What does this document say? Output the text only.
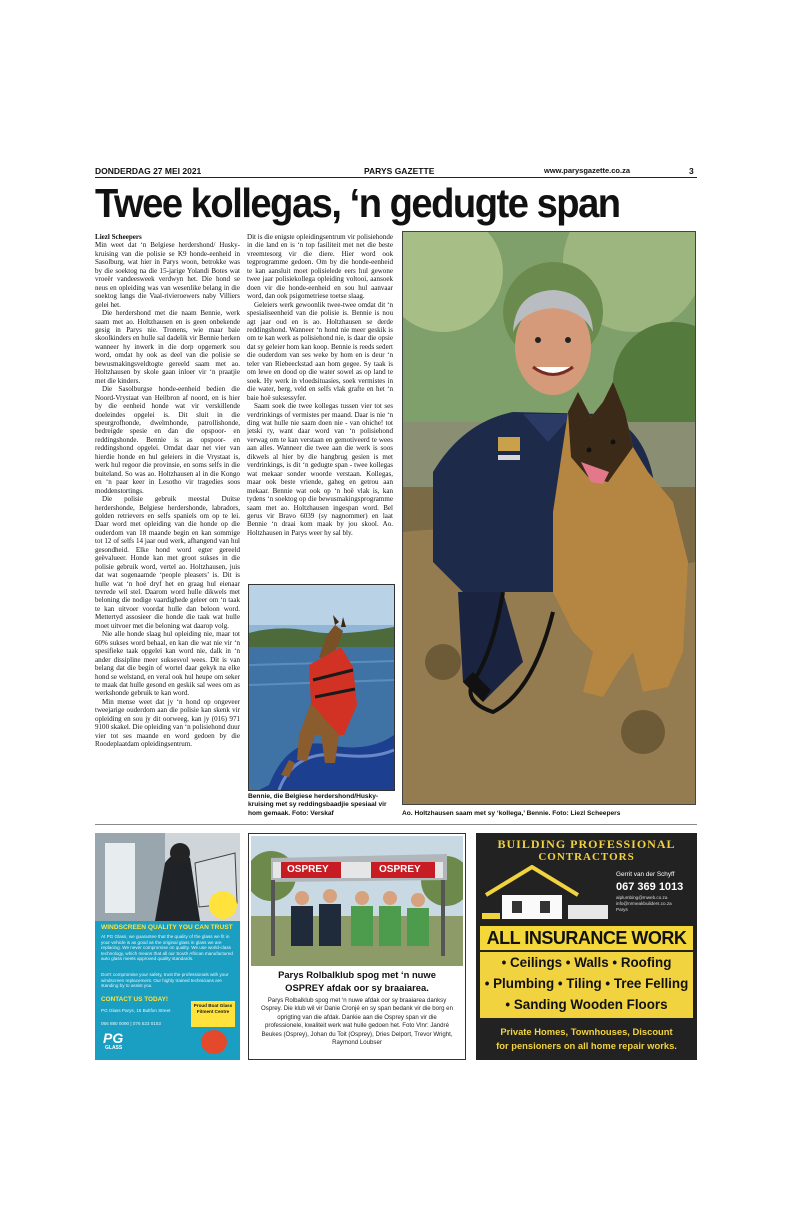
DONDERDAG 27 MEI 2021	PARYS GAZETTE	www.parysgazette.co.za	3
Twee kollegas, ‘n gedugte span

Liezl Scheepers

Min weet dat ‘n Belgiese herdershond/ Husky-kruising van die polisie se K9 honde-eenheid in Sasolburg, wat hier in Parys woon, betrokke was by die soektog na die 15-jarige Yolandi Botes wat vroeër vandeesweek verdwyn het. Die hond se neus en opleiding was van wesenlike belang in die soektog langs die Vaal-rivieroewers naby Villiers gelei het.

Die herdershond met die naam Bennie, werk saam met ao. Holtzhausen en is geen onbekende gesig in Parys nie. Tronens, wie maar baie skoolkinders en hulle sal dadelik vir Bennie herken wanneer hy inwerk in die dorp opgemerk sou word, omdat hy ook as deel van die polisie se bewusmakingsveldtogte gereeld saam met ao. Holtzhausen by skole gaan inloer vir ‘n praatjie met die kinders.

Die Sasolburgse honde-eenheid bedien die Noord-Vrystaat van Heilbron af noord, en is hier by die eenheid honde wat vir verskillende doeleindes opgelei is. Dit sluit in die speurgrofhonde, dwelmhonde, patrollishonde, bedreigde spesie en dan die opspoor- en reddingshonde. Bennie is as opspoor- en reddingshond opgelei. Omdat daar net vier van hierdie honde en hul geleiers in die Vrystaat is, werk hul regoor die provinsie, en soms selfs in die buiteland. So was ao. Holtzhausen al in die Kongo en ‘n paar keer in Lesotho vir tragedies soos moddenstortings.

Die polisie gebruik meestal Duitse herdershonde, Belgiese herdershonde, labradors, golden retrievers en selfs spaniels om op te lei. Daar word met opleiding van die honde op die ouderdom van 18 maande begin en kan sommige tot 12 of selfs 14 jaar oud werk, afhangend van hul gesondheid. Elke hond word egter gereeld geëvalueer. Honde kan met groot sukses in die polisie gebruik word, vertel ao. Holtzhausen, juis dat wat sogenaamde ‘people pleasers’ is. Dit is hulle wat ‘n hoë dryf het en graag hul eienaar tevrede wil stel. Daarom word hulle dikwels met beloning die nodige vaardighede geleer om ‘n taak te kan uitvoer voordat hulle dan beloon word. Mettertyd assosieer die honde die taak wat hulle moet uitvoer met die beloning wat daarop volg.

Nie alle honde slaag hul opleiding nie, maar tot 60% sukses word behaal, en kan die wat nie vir ‘n spesifieke taak opgelei kan word nie, dalk in ‘n ander dissipline meer suksesvol wees. Dit is van belang dat die begin of wortel daar gekyk na elke hond se welstand, en veral ook hul heupe om seker te maak dat hulle gesond en geskik sal wees om as werkshonde gebruik te kan word.

Min mense weet dat jy ‘n hond op ongeveer tweejarige ouderdom aan die polisie kan skenk vir opleiding en sou jy dit oorweeg, kan jy (016) 971 9100 skakel. Die opleiding van ‘n polisiehond duur vier tot ses maande en word gedoen by die Roodeplaatdam opleidingsentrum.

Dit is die enigste opleidingsentrum vir polisiehonde in die land en is ‘n top fasiliteit met net die beste vreemtesorg vir die diere. Hier word ook tegprogramme gedoen. Om by die honde-eenheid te kan aansluit moet polisielede eers hul gewone twee jaar polisiekollega opleiding voltooi, aansoek doen vir die honde-eenheid en sou hul aanvaar word, dan ook psigometriese toetse slaag.

Geleiers werk gewoonlik twee-twee omdat dit ‘n spesialiseenheid van die polisie is. Bennie is nou agt jaar oud en is ao. Holtzhausen se derde reddingshond. Wanneer ‘n hond nie meer geskik is om te kan werk as polisiehond nie, is daar die opsie dat sy geleier hom kan koop. Bennie is reeds sedert die ouderdom van ses weke by hom en is deur ‘n teler van Riebeeckstad aan hom gegee. Sy taak is om lewe en dood op die water sowel as op land te soek. Hy werk in vloedsituasies, soek vermistes in die water, berg, veld en selfs vlak grafte en het ‘n baie hoë suksessyfer.

Saam soek die twee kollegas tussen vier tot ses verdrinkings of vermistes per maand. Daar is nie ‘n ding wat hulle nie saam doen nie - van ohiche! tot jetski ry, want daar word van ‘n polisiehond verwag om te kan verstaan en gemotiveerd te wees aan alles. Wanneer die twee aan die werk is soos dikwels al hier by die hangbrug gesien is met verdrinkings, is dit ‘n gedugte span - twee kollegas wat mekaar sonder woorde verstaan. Kollegas, maar ook beste vriende, gaheg en getrou aan mekaar. Bennie wat ook op ‘n hoë vlak is, kan tydens ‘n soektog op die bewusmakingsprogramme saam met ao. Holtzhausen ingespan word. Bel gerus vir Bravo 6039 (sy nagnommer) en laat Bennie ‘n draai kom maak by jou skool. Ao. Holtzhausen in Parys weer hy sal bly.

Bennie, die Belgiese herdershond/Husky-kruising met sy reddingsbaadjie spesiaal vir hom gemaak. Foto: Verskaf	Ao. Holtzhausen saam met sy ‘kollega,’ Bennie. Foto: Liezl Scheepers
WINDSCREEN QUALITY YOU CAN TRUST
At PG Glass, we guarantee that the quality of the glass we fit in your vehicle is as good as the original glass in glass we are replacing. We never compromise on quality. We use world-class technology, which means that all our South African manufactured auto glass meets approved quality standards.
Don't compromise your safety, trust the professionals with your windscreen replacement. Our highly trained technicians are standing by to assist you.
CONTACT US TODAY!
PG Glass Parys, 15 Bultfon Street
056 880 0090 | 076 523 0153
PG
GLASS
Proud Boat Glass Fitment Centre
OSPREY	OSPREY
Parys Rolbalklub spog met ‘n nuwe
OSPREY afdak oor sy braaiarea.
Parys Rolbalklub spog met ‘n nuwe afdak oor sy braaiarea danksy Osprey. Die klub wil vir Danie Cronjé en sy span bedank vir die borg en oprigting van die afdak. Dankie aan die Osprey span vir die professionele, kwaliteit werk wat hulle gedoen het. Foto Vlnr: Jandré Beukes (Osprey), Johan du Toit (Osprey), Dries Delport, Trevor Wright, Raymond Loubser
BUILDING PROFESSIONAL
CONTRACTORS
Gerrit van der Schyff
067 369 1013
alplumbing@mweb.co.za
info@nrmeakbuilders.co.za
Parys
ALL INSURANCE WORK
• Ceilings • Walls • Roofing
• Plumbing • Tiling • Tree Felling
• Sanding Wooden Floors
Private Homes, Townhouses, Discount
for pensioners on all home repair works.
